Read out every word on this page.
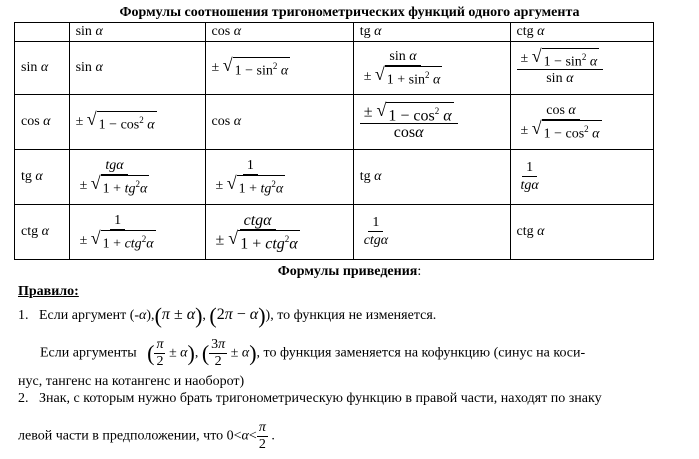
Формулы соотношения тригонометрических функций одного аргумента
	sin α	cos α	tg α	ctg α
sin α	sin α	± √ $1 - \sin^2 \alpha$	$\frac{\text{sin α}}{\pm √ 1 + \sin^2 \alpha}$	$\frac{\pm √ 1 - \sin^2 \alpha}{\text{sin α}}$

cos α	± √ $1 - \cos^2 \alpha$	cos α	$\frac{\pm √ 1 - \cos^2 \alpha}{\cos\alpha}$	$\frac{\text{cos α}}{\pm √ 1 - \cos^2 \alpha}$

tg α	$\frac{\text{tgα}}{\pm √ 1 + tg^2\alpha}$	$\frac{1}{\pm √ 1 + tg^2\alpha}$	tg α	$\frac{1}{\text{tgα}}$

ctg α	$\frac{1}{\pm √ 1 + ctg^2\alpha}$	$\frac{\text{ctgα}}{\pm √ 1 + ctg^2\alpha}$	$\frac{1}{\text{ctgα}}$	ctg α
Формулы приведения:
Правило:
1. Если аргумент (-α),(π ± α), (2π − α)), то функция не изменяется.
Если аргументы ( $\frac{\pi}{2} \pm \alpha$), ( $\frac{3\pi}{2} \pm \alpha$), то функция заменяется на кофункцию (синус на коси-
нус, тангенс на котангенс и наоборот)
2. Знак, с которым нужно брать тригонометрическую функцию в правой части, находят по знаку
левой части в предположении, что $0<\alpha< \frac{\pi}{2}$ .
